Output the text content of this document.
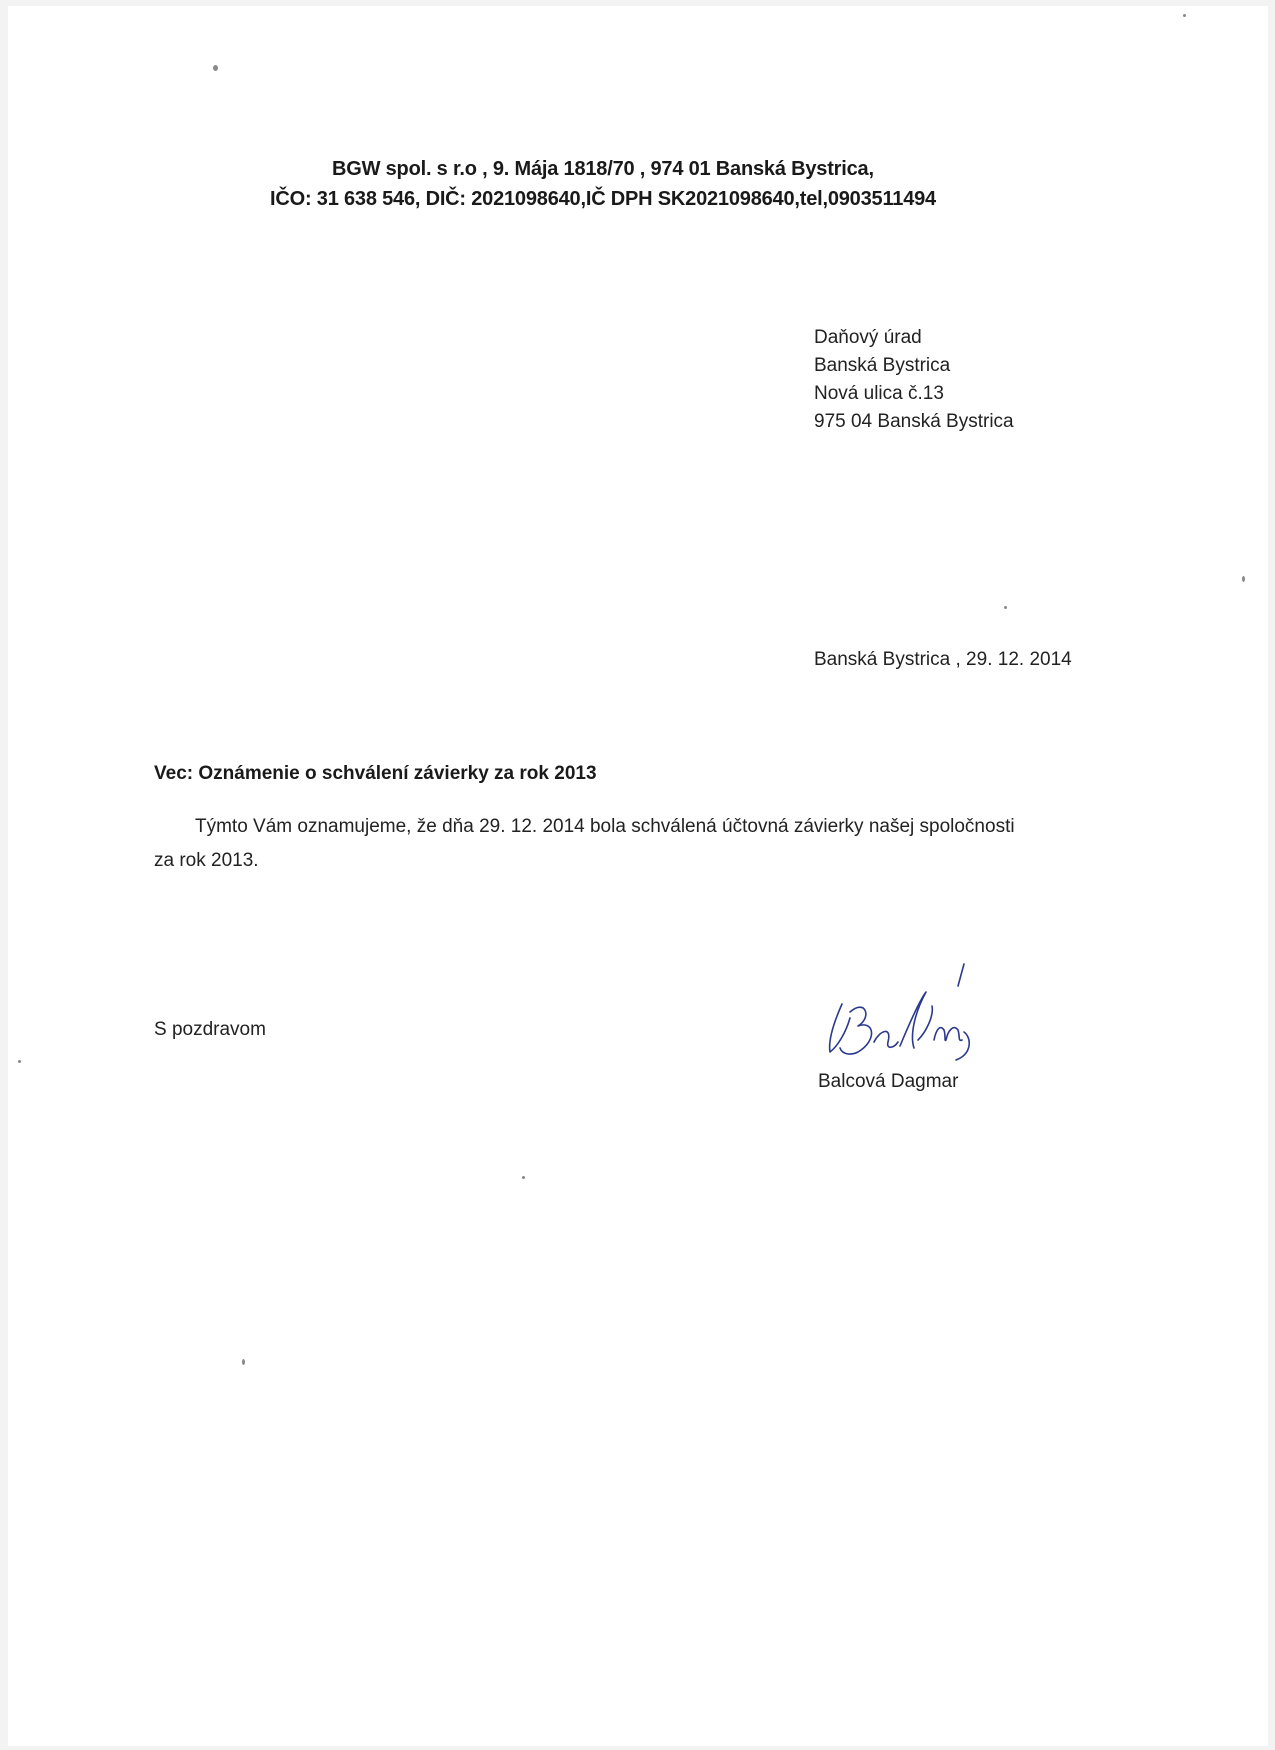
BGW spol. s r.o , 9. Mája 1818/70 , 974 01 Banská Bystrica,
IČO: 31 638 546, DIČ: 2021098640,IČ DPH SK2021098640,tel,0903511494
Daňový úrad
Banská Bystrica
Nová ulica č.13
975 04 Banská Bystrica
Banská Bystrica , 29. 12. 2014
Vec: Oznámenie o schválení závierky za rok 2013
Týmto Vám oznamujeme, že dňa 29. 12. 2014 bola schválená účtovná závierky našej spoločnosti
za rok 2013.
S pozdravom
Balcová Dagmar
